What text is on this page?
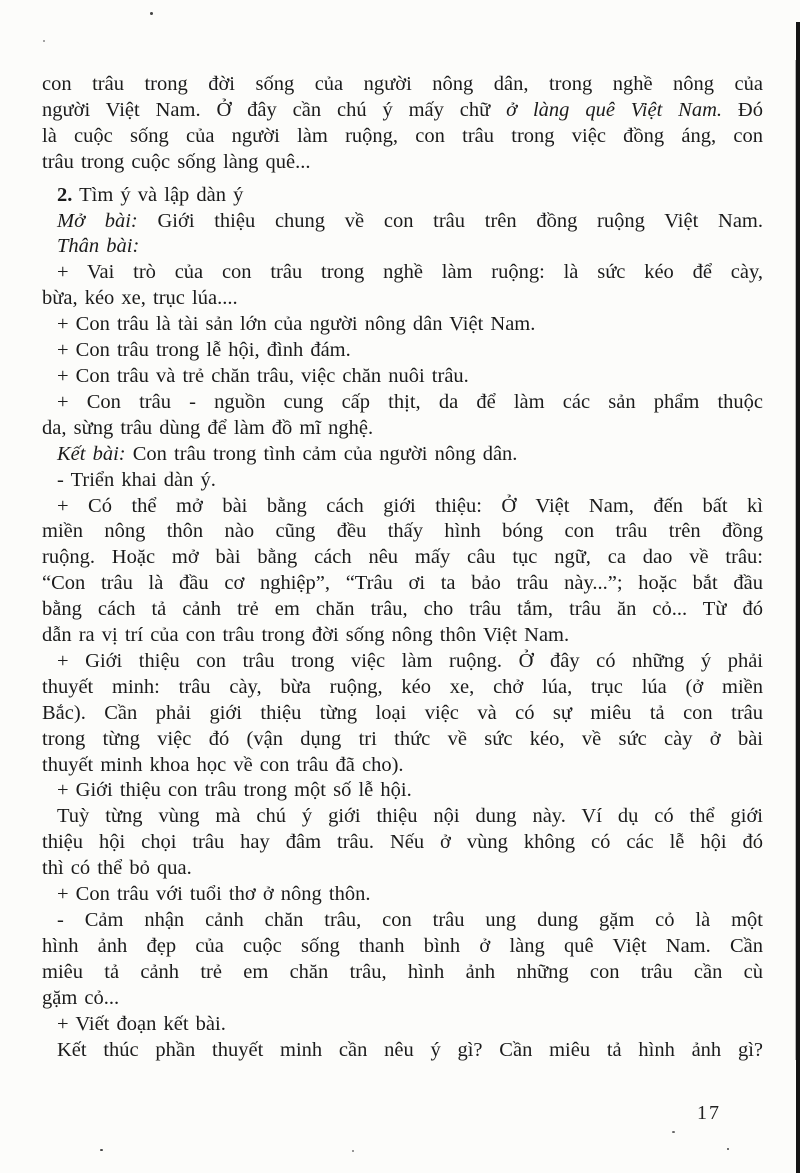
con trâu trong đời sống của người nông dân, trong nghề nông của
người Việt Nam. Ở đây cần chú ý mấy chữ ở làng quê Việt Nam. Đó
là cuộc sống của người làm ruộng, con trâu trong việc đồng áng, con
trâu trong cuộc sống làng quê...
2. Tìm ý và lập dàn ý
Mở bài: Giới thiệu chung về con trâu trên đồng ruộng Việt Nam.
Thân bài:
+ Vai trò của con trâu trong nghề làm ruộng: là sức kéo để cày,
bừa, kéo xe, trục lúa....
+ Con trâu là tài sản lớn của người nông dân Việt Nam.
+ Con trâu trong lễ hội, đình đám.
+ Con trâu và trẻ chăn trâu, việc chăn nuôi trâu.
+ Con trâu - nguồn cung cấp thịt, da để làm các sản phẩm thuộc
da, sừng trâu dùng để làm đồ mĩ nghệ.
Kết bài: Con trâu trong tình cảm của người nông dân.
- Triển khai dàn ý.
+ Có thể mở bài bằng cách giới thiệu: Ở Việt Nam, đến bất kì
miền nông thôn nào cũng đều thấy hình bóng con trâu trên đồng
ruộng. Hoặc mở bài bằng cách nêu mấy câu tục ngữ, ca dao về trâu:
“Con trâu là đầu cơ nghiệp”, “Trâu ơi ta bảo trâu này...”; hoặc bắt đầu
bằng cách tả cảnh trẻ em chăn trâu, cho trâu tắm, trâu ăn cỏ... Từ đó
dẫn ra vị trí của con trâu trong đời sống nông thôn Việt Nam.
+ Giới thiệu con trâu trong việc làm ruộng. Ở đây có những ý phải
thuyết minh: trâu cày, bừa ruộng, kéo xe, chở lúa, trục lúa (ở miền
Bắc). Cần phải giới thiệu từng loại việc và có sự miêu tả con trâu
trong từng việc đó (vận dụng tri thức về sức kéo, về sức cày ở bài
thuyết minh khoa học về con trâu đã cho).
+ Giới thiệu con trâu trong một số lễ hội.
Tuỳ từng vùng mà chú ý giới thiệu nội dung này. Ví dụ có thể giới
thiệu hội chọi trâu hay đâm trâu. Nếu ở vùng không có các lễ hội đó
thì có thể bỏ qua.
+ Con trâu với tuổi thơ ở nông thôn.
- Cảm nhận cảnh chăn trâu, con trâu ung dung gặm cỏ là một
hình ảnh đẹp của cuộc sống thanh bình ở làng quê Việt Nam. Cần
miêu tả cảnh trẻ em chăn trâu, hình ảnh những con trâu cần cù
gặm cỏ...
+ Viết đoạn kết bài.
Kết thúc phần thuyết minh cần nêu ý gì? Cần miêu tả hình ảnh gì?
17
